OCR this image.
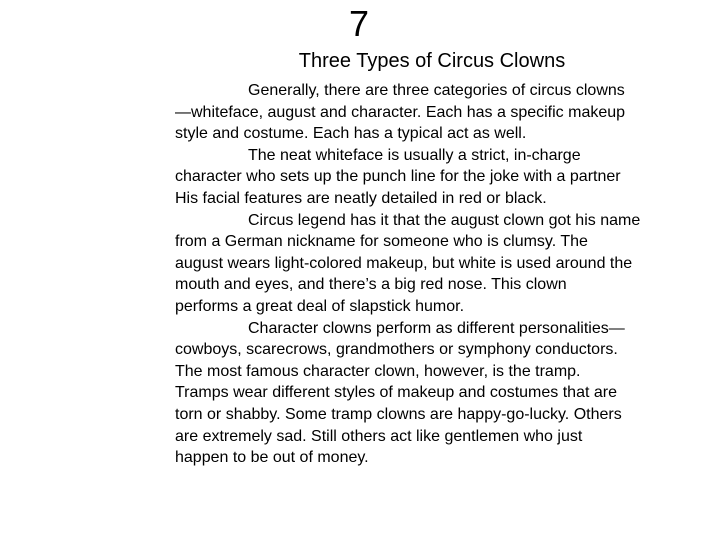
7
Three Types of Circus Clowns

Generally, there are three categories of circus clowns
—whiteface, august and character. Each has a specific makeup
style and costume. Each has a typical act as well.

The neat whiteface is usually a strict, in-charge
character who sets up the punch line for the joke with a partner
His facial features are neatly detailed in red or black.

Circus legend has it that the august clown got his name
from a German nickname for someone who is clumsy. The
august wears light-colored makeup, but white is used around the
mouth and eyes, and there’s a big red nose. This clown
performs a great deal of slapstick humor.

Character clowns perform as different personalities—
cowboys, scarecrows, grandmothers or symphony conductors.
The most famous character clown, however, is the tramp.
Tramps wear different styles of makeup and costumes that are
torn or shabby. Some tramp clowns are happy-go-lucky. Others
are extremely sad. Still others act like gentlemen who just
happen to be out of money.
